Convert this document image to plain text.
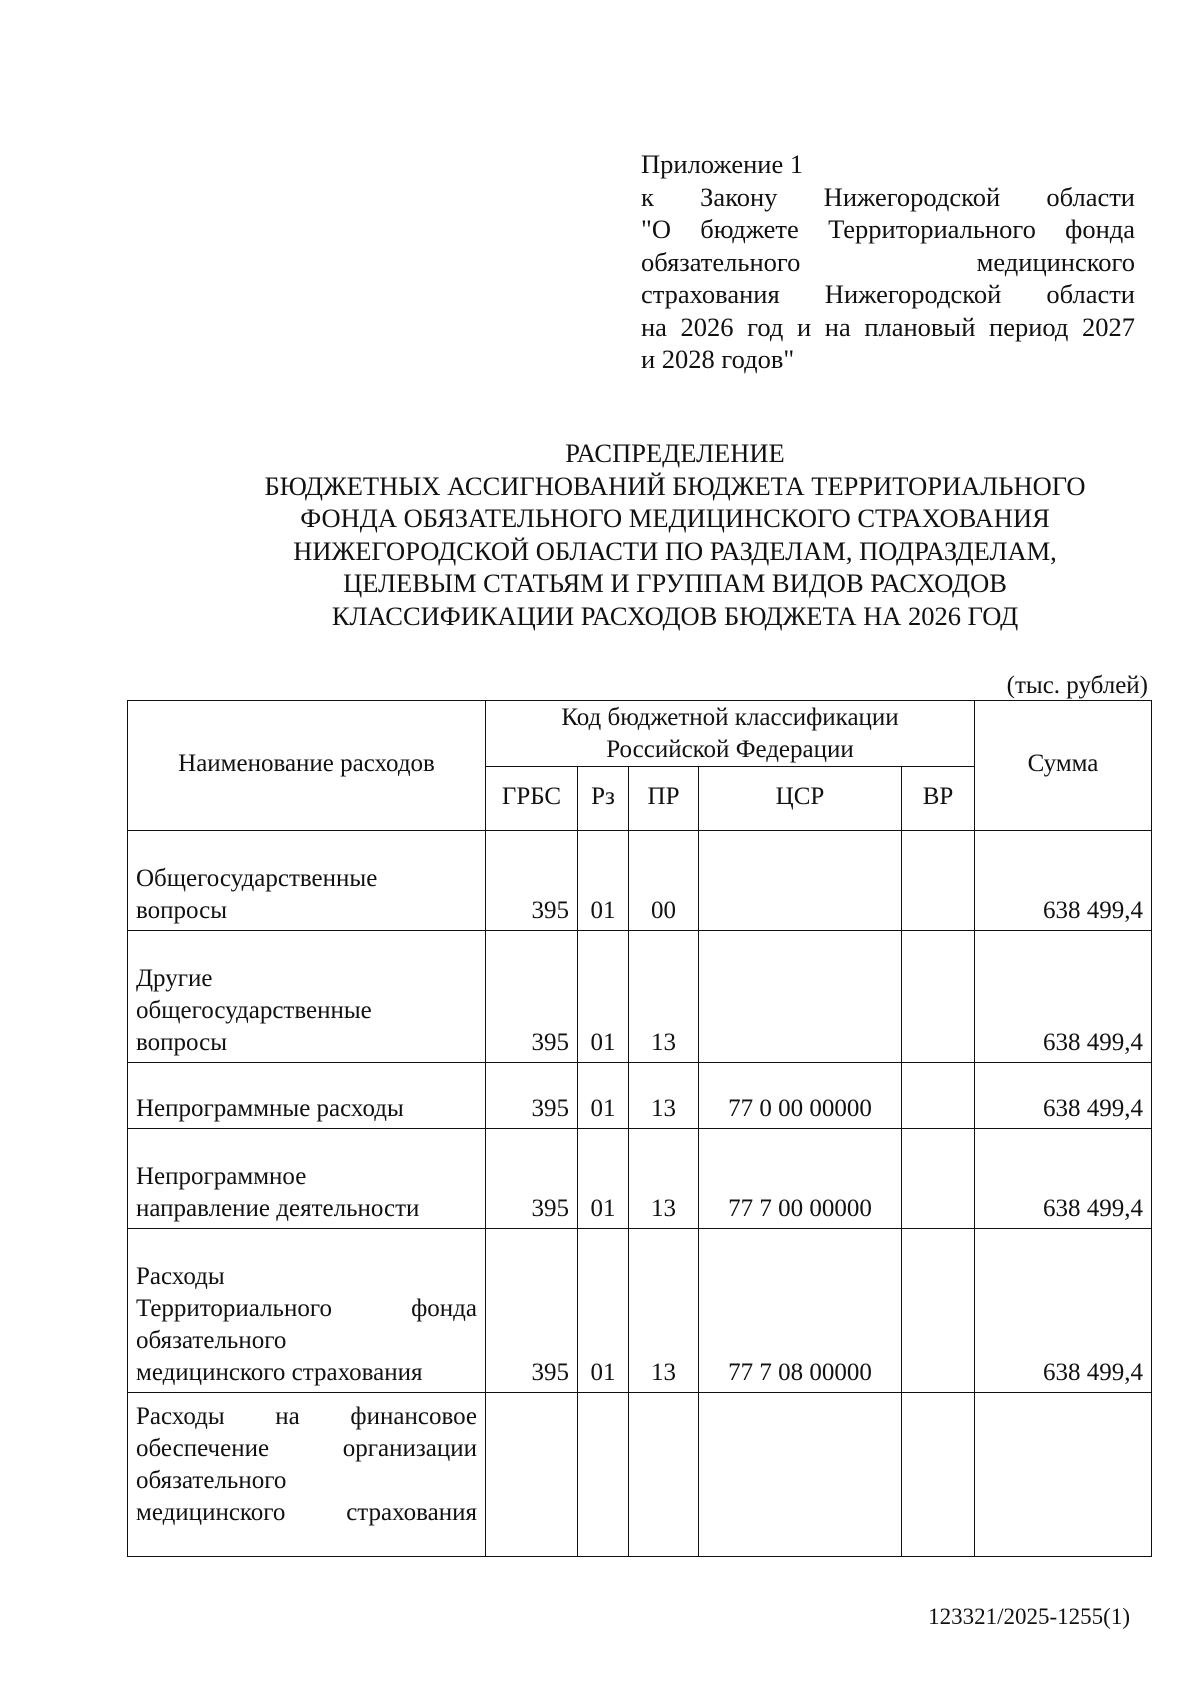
Приложение 1
к Закону Нижегородской области
"О бюджете Территориального фонда
обязательного медицинского
страхования Нижегородской области
на 2026 год и на плановый период 2027
и 2028 годов"
РАСПРЕДЕЛЕНИЕ
БЮДЖЕТНЫХ АССИГНОВАНИЙ БЮДЖЕТА ТЕРРИТОРИАЛЬНОГО
ФОНДА ОБЯЗАТЕЛЬНОГО МЕДИЦИНСКОГО СТРАХОВАНИЯ
НИЖЕГОРОДСКОЙ ОБЛАСТИ ПО РАЗДЕЛАМ, ПОДРАЗДЕЛАМ,
ЦЕЛЕВЫМ СТАТЬЯМ И ГРУППАМ ВИДОВ РАСХОДОВ
КЛАССИФИКАЦИИ РАСХОДОВ БЮДЖЕТА НА 2026 ГОД
(тыс. рублей)
Наименование расходов	Код бюджетной классификации Российской Федерации					Сумма
	ГРБС	Рз	ПР	ЦСР	ВР	

Общегосударственные
вопросы	395	01	00			638 499,4

Другие
общегосударственные
вопросы	395	01	13			638 499,4

Непрограммные расходы	395	01	13	77 0 00 00000		638 499,4

Непрограммное
направление деятельности	395	01	13	77 7 00 00000		638 499,4

Расходы
Территориального фонда
обязательного
медицинского страхования	395	01	13	77 7 08 00000		638 499,4

Расходы на финансовое
обеспечение организации
обязательного
медицинского страхования						

123321/2025-1255(1)
